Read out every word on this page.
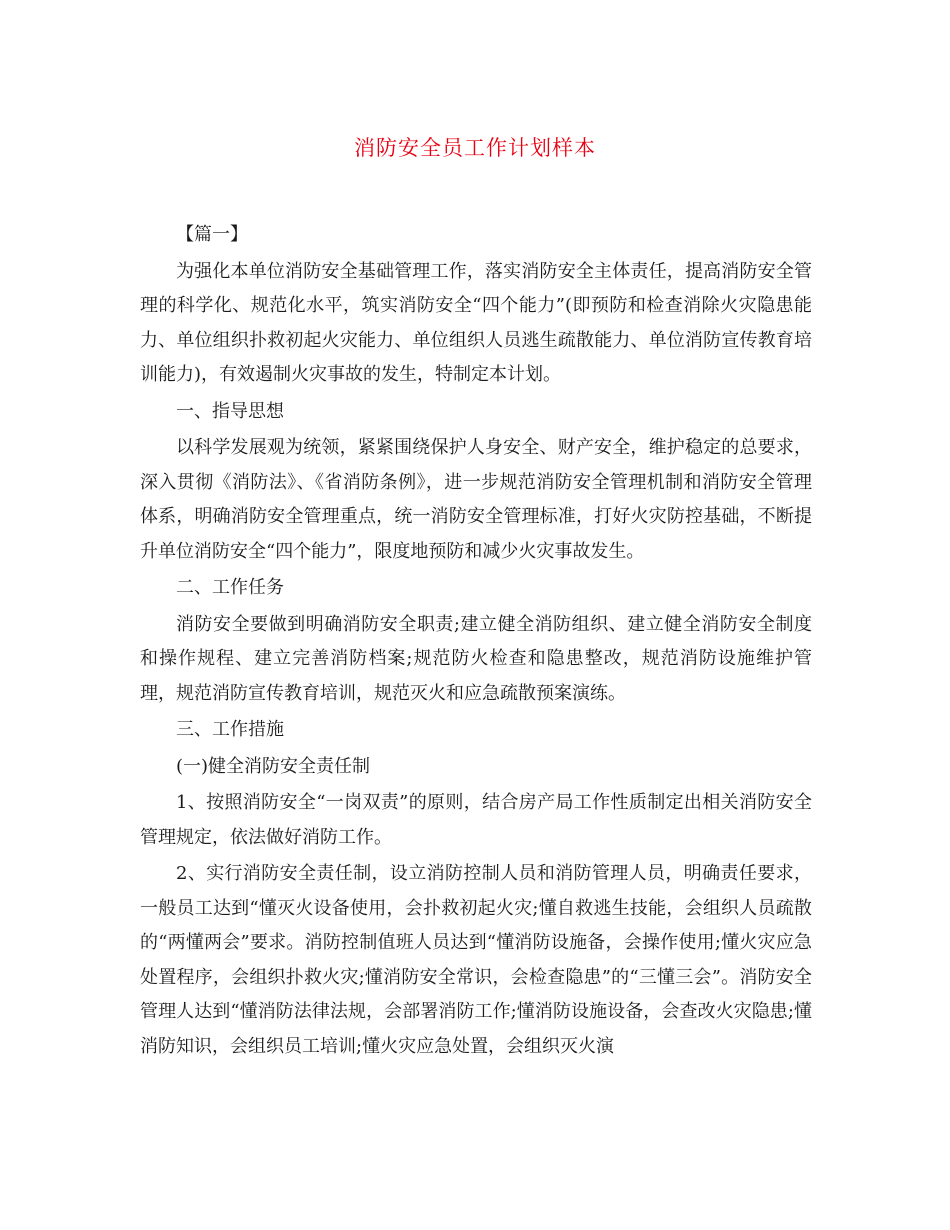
消防安全员工作计划样本

【篇一】

为强化本单位消防安全基础管理工作，落实消防安全主体责任，提高消防安全管理的科学化、规范化水平，筑实消防安全“四个能力”(即预防和检查消除火灾隐患能力、单位组织扑救初起火灾能力、单位组织人员逃生疏散能力、单位消防宣传教育培训能力)，有效遏制火灾事故的发生，特制定本计划。

一、指导思想

以科学发展观为统领，紧紧围绕保护人身安全、财产安全，维护稳定的总要求，深入贯彻《消防法》、《省消防条例》，进一步规范消防安全管理机制和消防安全管理体系，明确消防安全管理重点，统一消防安全管理标准，打好火灾防控基础，不断提升单位消防安全“四个能力”，限度地预防和减少火灾事故发生。

二、工作任务

消防安全要做到明确消防安全职责;建立健全消防组织、建立健全消防安全制度和操作规程、建立完善消防档案;规范防火检查和隐患整改，规范消防设施维护管理，规范消防宣传教育培训，规范灭火和应急疏散预案演练。

三、工作措施

(一)健全消防安全责任制

1、按照消防安全“一岗双责”的原则，结合房产局工作性质制定出相关消防安全管理规定，依法做好消防工作。

2、实行消防安全责任制，设立消防控制人员和消防管理人员，明确责任要求，一般员工达到“懂灭火设备使用，会扑救初起火灾;懂自救逃生技能，会组织人员疏散的“两懂两会”要求。消防控制值班人员达到“懂消防设施备，会操作使用;懂火灾应急处置程序，会组织扑救火灾;懂消防安全常识，会检查隐患”的“三懂三会”。消防安全管理人达到“懂消防法律法规，会部署消防工作;懂消防设施设备，会查改火灾隐患;懂消防知识，会组织员工培训;懂火灾应急处置，会组织灭火演
